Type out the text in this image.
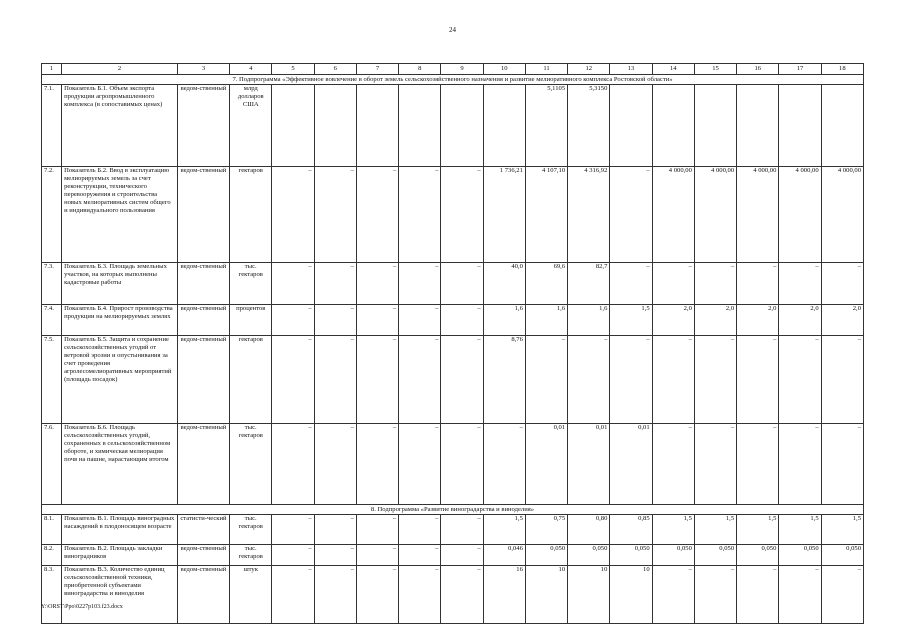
24
1	2	3	4	5	6	7	8	9	10	11	12	13	14	15	16	17	18
7. Подпрограмма «Эффективное вовлечение в оборот земель сельскохозяйственного назначения и развитие мелиоративного комплекса Ростовской области»																	
7.1.	Показатель Б.1. Объем экспорта продукции агропромышленного комплекса (в сопоставимых ценах)	ведом-ственный	млрд долларов США							5,1105	5,3150						
7.2.	Показатель Б.2. Ввод в эксплуатацию мелиорируемых земель за счет реконструкции, технического перевооружения и строительства новых мелиоративных систем общего и индивидуального пользования	ведом-ственный	гектаров	–	–	–	–	–	1 736,21	4 107,10	4 316,92	–	4 000,00	4 000,00	4 000,00	4 000,00	4 000,00
7.3.	Показатель Б.3. Площадь земельных участков, на которых выполнены кадастровые работы	ведом-ственный	тыс. гектаров	–	–	–	–	–	40,0	69,6	82,7	–	–	–	–	–	–
7.4.	Показатель Б.4. Прирост производства продукции на мелиорируемых землях	ведом-ственный	процентов	–	–	–	–	–	1,6	1,6	1,6	1,5	2,0	2,0	2,0	2,0	2,0
7.5.	Показатель Б.5. Защита и сохранение сельскохозяйственных угодий от ветровой эрозии и опустынивания за счет проведения агролесомелиоративных мероприятий (площадь посадок)	ведом-ственный	гектаров	–	–	–	–	–	8,76	–	–	–	–	–	–	–	–
7.6.	Показатель Б.6. Площадь сельскохозяйственных угодий, сохраненных в сельскохозяйственном обороте, и химическая мелиорация почв на пашне, нарастающим итогом	ведом-ственный	тыс. гектаров	–	–	–	–	–	–	0,01	0,01	0,01	–	–	–	–	–
8. Подпрограмма «Развитие виноградарства и виноделия»																	
8.1.	Показатель В.1. Площадь виноградных насаждений в плодоносящем возрасте	статисти-ческий	тыс. гектаров	–	–	–	–	–	1,5	0,75	0,80	0,85	1,5	1,5	1,5	1,5	1,5
8.2.	Показатель В.2. Площадь закладки виноградников	ведом-ственный	тыс. гектаров	–	–	–	–	–	0,046	0,050	0,050	0,050	0,050	0,050	0,050	0,050	0,050
8.3.	Показатель В.3. Количество единиц сельскохозяйственной техники, приобретенной субъектами виноградарства и виноделия	ведом-ственный	штук	–	–	–	–	–	16	10	10	10	–	–	–	–	–
Y:\ORST\Ppo\0227p103.f23.docx
